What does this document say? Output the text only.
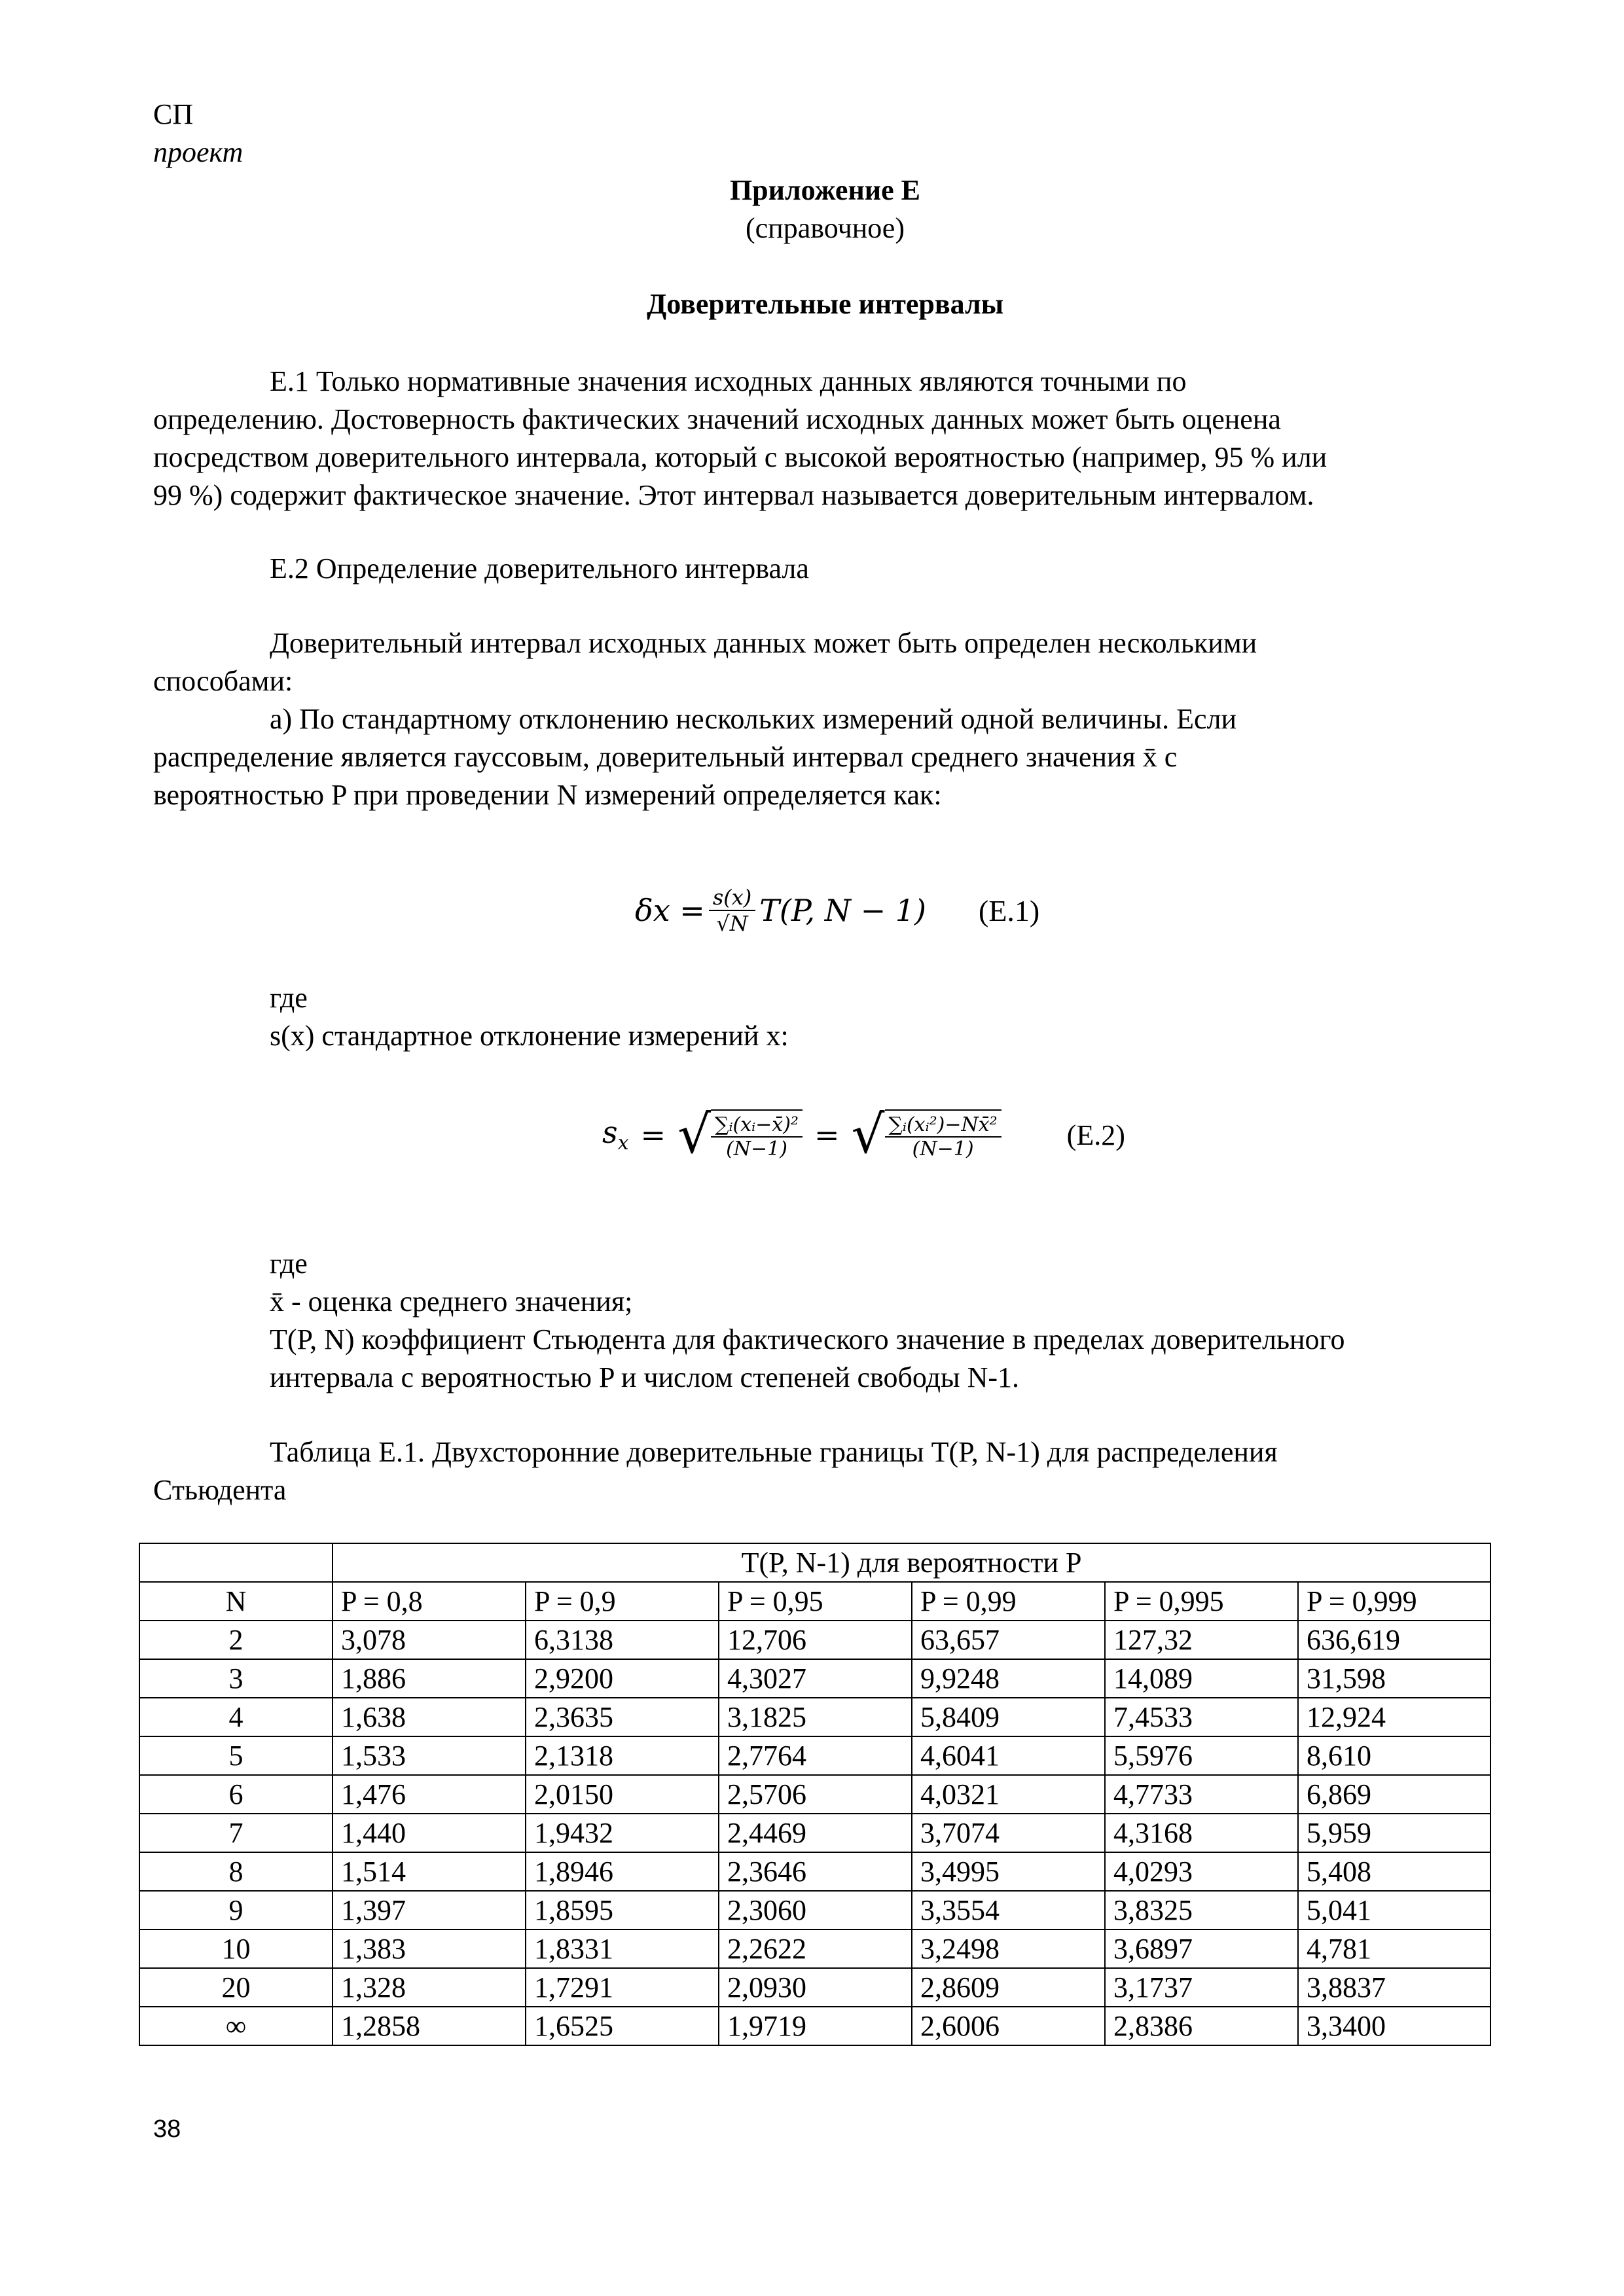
СП
проект
Приложение Е
(справочное)
Доверительные интервалы
Е.1 Только нормативные значения исходных данных являются точными по
определению. Достоверность фактических значений исходных данных может быть оценена
посредством доверительного интервала, который с высокой вероятностью (например, 95 % или
99 %) содержит фактическое значение. Этот интервал называется доверительным интервалом.
Е.2 Определение доверительного интервала
Доверительный интервал исходных данных может быть определен несколькими
способами:
а) По стандартному отклонению нескольких измерений одной величины. Если
распределение является гауссовым, доверительный интервал среднего значения x̄ с
вероятностью P при проведении N измерений определяется как:
$\delta x = \frac{s(x)}{√N} T(P$, N − 1) (Е.1)
где
s(x) стандартное отклонение измерений x:
$s_x$ = √ $\frac{\text{∑ᵢ(xᵢ−x̄)²}}{(N-1)}$ = √ $\frac{\text{∑ᵢ(xᵢ²)−Nx̄²}}{(N-1)} (Е.2)$
где
x̄ - оценка среднего значения;
T(P, N) коэффициент Стьюдента для фактического значение в пределах доверительного
интервала с вероятностью P и числом степеней свободы N-1.
Таблица Е.1. Двухсторонние доверительные границы T(P, N-1) для распределения
Стьюдента
	T(P, N-1) для вероятности P					
N	P = 0,8	P = 0,9	P = 0,95	P = 0,99	P = 0,995	P = 0,999
2	3,078	6,3138	12,706	63,657	127,32	636,619
3	1,886	2,9200	4,3027	9,9248	14,089	31,598
4	1,638	2,3635	3,1825	5,8409	7,4533	12,924
5	1,533	2,1318	2,7764	4,6041	5,5976	8,610
6	1,476	2,0150	2,5706	4,0321	4,7733	6,869
7	1,440	1,9432	2,4469	3,7074	4,3168	5,959
8	1,514	1,8946	2,3646	3,4995	4,0293	5,408
9	1,397	1,8595	2,3060	3,3554	3,8325	5,041
10	1,383	1,8331	2,2622	3,2498	3,6897	4,781
20	1,328	1,7291	2,0930	2,8609	3,1737	3,8837
∞	1,2858	1,6525	1,9719	2,6006	2,8386	3,3400
38
